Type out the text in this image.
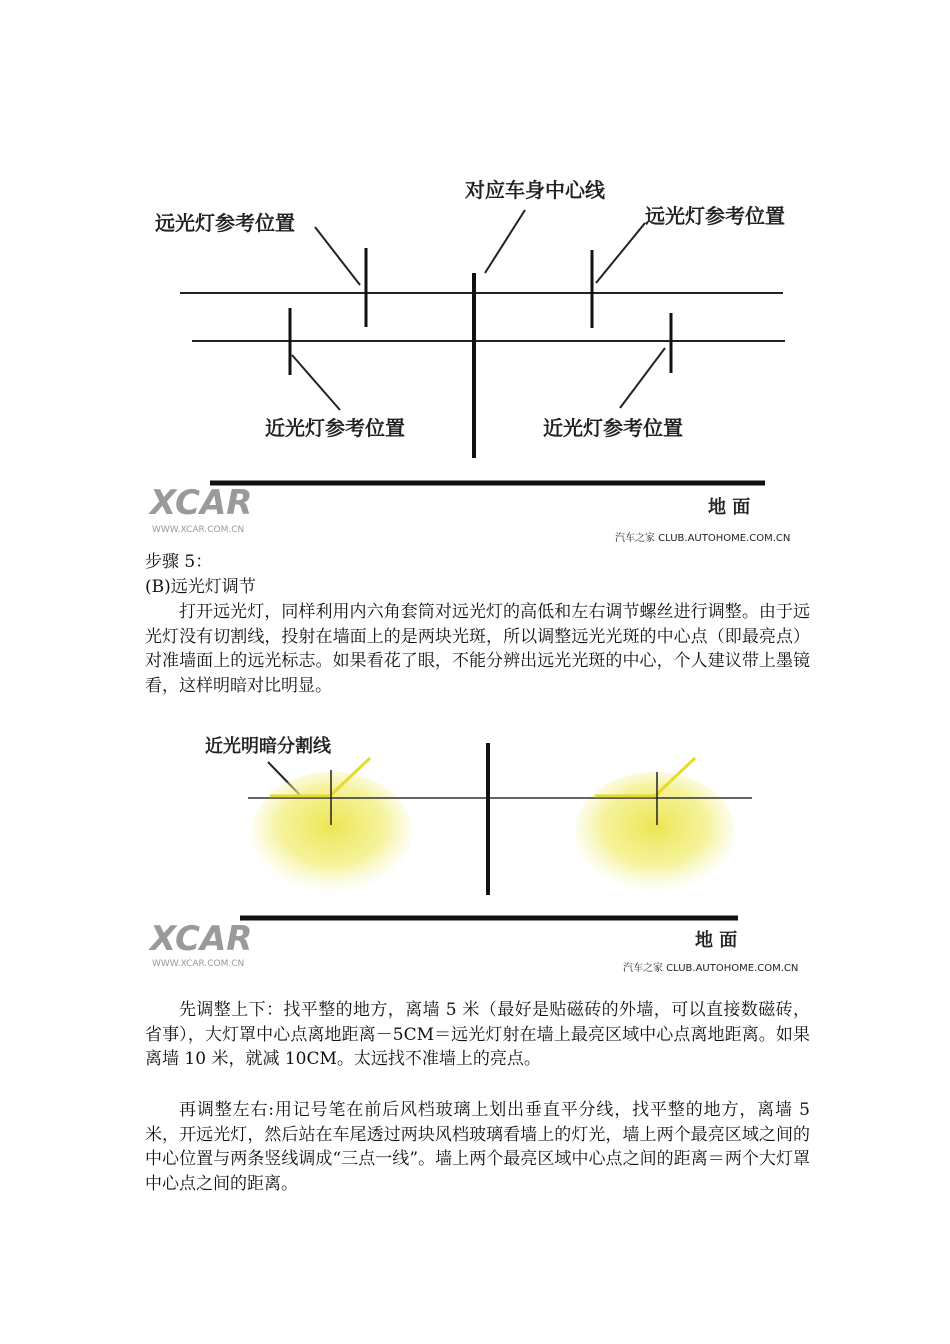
对应车身中心线
远光灯参考位置	远光灯参考位置
近光灯参考位置	近光灯参考位置
地 面
XCAR
WWW.XCAR.COM.CN
汽车之家 CLUB.AUTOHOME.COM.CN

步骤 5：

(B)远光灯调节

打开远光灯，同样利用内六角套筒对远光灯的高低和左右调节螺丝进行调整。由于远光灯没有切割线，投射在墙面上的是两块光斑，所以调整远光光斑的中心点（即最亮点）对准墙面上的远光标志。如果看花了眼，不能分辨出远光光斑的中心，个人建议带上墨镜看，这样明暗对比明显。

近光明暗分割线
地 面
XCAR
WWW.XCAR.COM.CN	汽车之家 CLUB.AUTOHOME.COM.CN

先调整上下：找平整的地方，离墙 5 米（最好是贴磁砖的外墙，可以直接数磁砖，省事），大灯罩中心点离地距离－5CM＝远光灯射在墙上最亮区域中心点离地距离。如果离墙 10 米，就减 10CM。太远找不准墙上的亮点。

再调整左右:用记号笔在前后风档玻璃上划出垂直平分线，找平整的地方，离墙 5 米，开远光灯，然后站在车尾透过两块风档玻璃看墙上的灯光，墙上两个最亮区域之间的中心位置与两条竖线调成“三点一线”。墙上两个最亮区域中心点之间的距离＝两个大灯罩中心点之间的距离。
